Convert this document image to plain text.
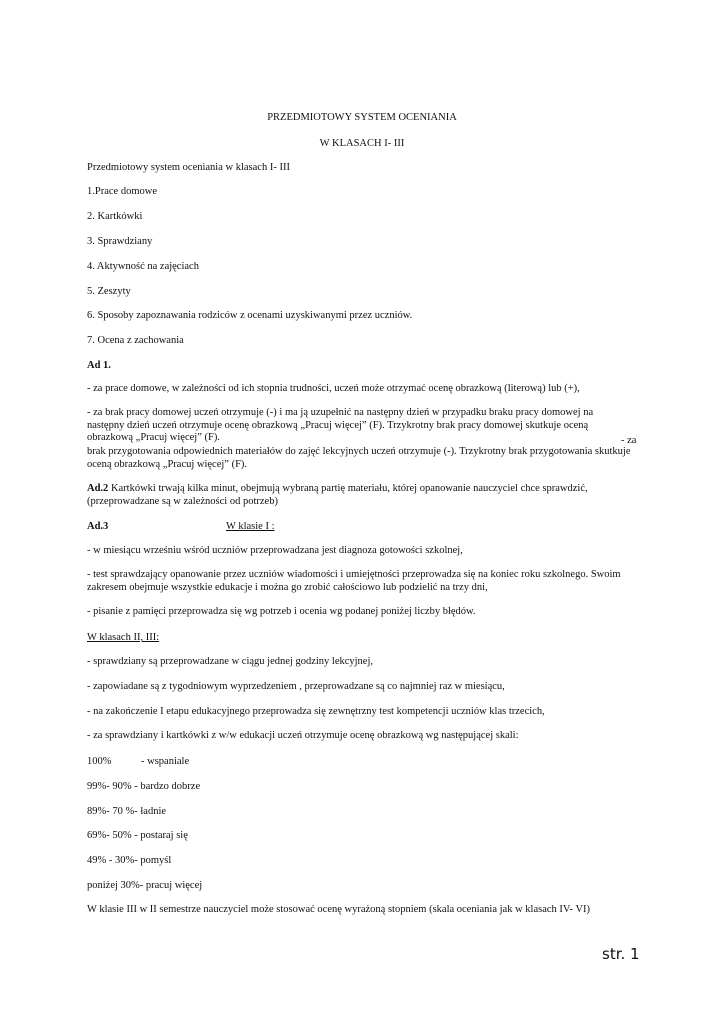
PRZEDMIOTOWY SYSTEM OCENIANIA

W KLASACH I- III

Przedmiotowy system oceniania w klasach I- III

1.Prace domowe

2. Kartkówki

3. Sprawdziany

4. Aktywność na zajęciach

5. Zeszyty

6. Sposoby zapoznawania rodziców z ocenami uzyskiwanymi przez uczniów.

7. Ocena z zachowania

Ad 1.

- za prace domowe, w zależności od ich stopnia trudności, uczeń może otrzymać ocenę obrazkową (literową) lub (+),

- za brak pracy domowej uczeń otrzymuje (-) i ma ją uzupełnić na następny dzień w przypadku braku pracy domowej na następny dzień uczeń otrzymuje ocenę obrazkową „Pracuj więcej” (F). Trzykrotny brak pracy domowej skutkuje oceną obrazkową „Pracuj więcej” (F).	- za

brak przygotowania odpowiednich materiałów do zajęć lekcyjnych uczeń otrzymuje (-). Trzykrotny brak przygotowania skutkuje oceną obrazkową „Pracuj więcej” (F).

Ad.2 Kartkówki trwają kilka minut, obejmują wybraną partię materiału, której opanowanie nauczyciel chce sprawdzić, (przeprowadzane są w zależności od potrzeb)

Ad.3	W klasie I :

- w miesiącu wrześniu wśród uczniów przeprowadzana jest diagnoza gotowości szkolnej,

- test sprawdzający opanowanie przez uczniów wiadomości i umiejętności przeprowadza się na koniec roku szkolnego. Swoim zakresem obejmuje wszystkie edukacje i można go zrobić całościowo lub podzielić na trzy dni,

- pisanie z pamięci przeprowadza się wg potrzeb i ocenia wg podanej poniżej liczby błędów.

W klasach II, III:

- sprawdziany są przeprowadzane w ciągu jednej godziny lekcyjnej,

- zapowiadane są z tygodniowym wyprzedzeniem , przeprowadzane są co najmniej raz w miesiącu,

- na zakończenie I etapu edukacyjnego przeprowadza się zewnętrzny test kompetencji uczniów klas trzecich,

- za sprawdziany i kartkówki z w/w edukacji uczeń otrzymuje ocenę obrazkową wg następującej skali:

100%	- wspaniale

99%- 90% - bardzo dobrze

89%- 70 %- ładnie

69%- 50% - postaraj się

49% - 30%- pomyśl

poniżej 30%- pracuj więcej

W klasie III w II semestrze nauczyciel może stosować ocenę wyrażoną stopniem (skala oceniania jak w klasach IV- VI)

str. 1
